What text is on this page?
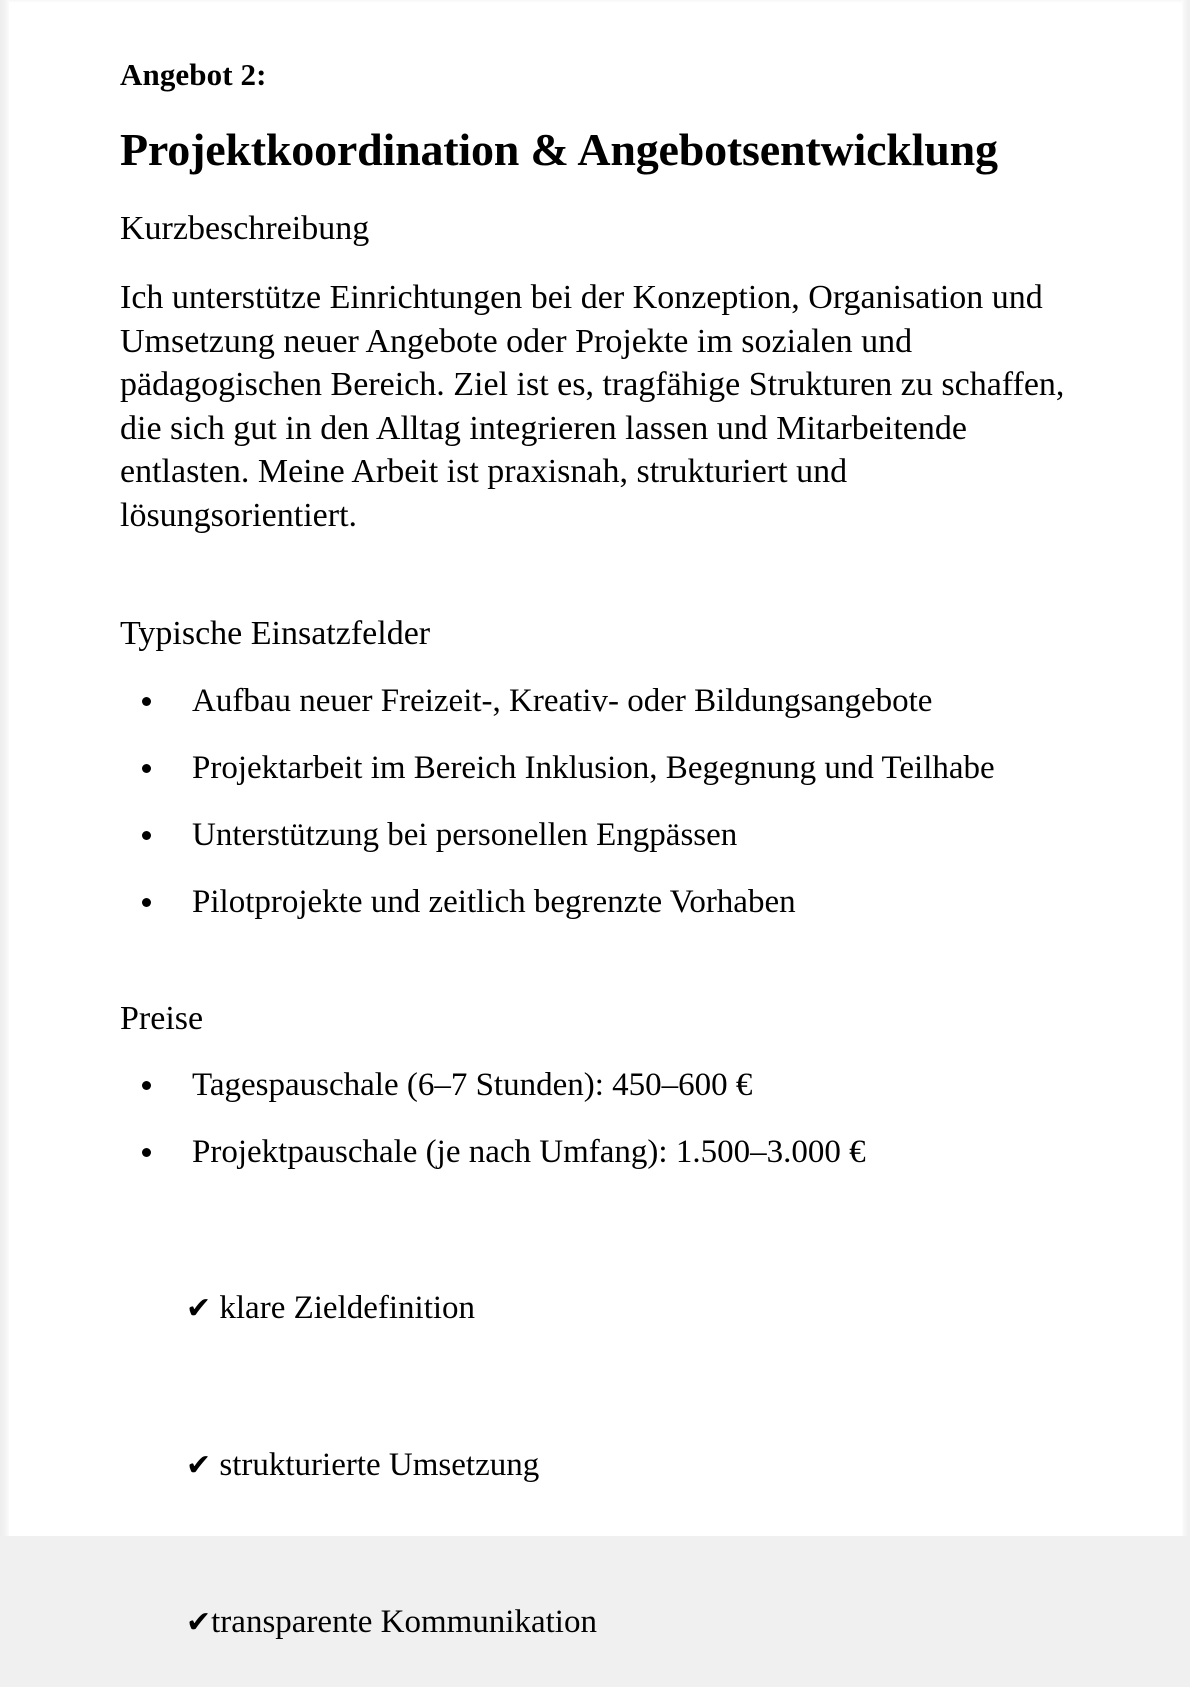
Angebot 2:
Projektkoordination & Angebotsentwicklung
Kurzbeschreibung

Ich unterstütze Einrichtungen bei der Konzeption, Organisation und Umsetzung neuer Angebote oder Projekte im sozialen und pädagogischen Bereich. Ziel ist es, tragfähige Strukturen zu schaffen, die sich gut in den Alltag integrieren lassen und Mitarbeitende entlasten. Meine Arbeit ist praxisnah, strukturiert und lösungsorientiert.

Typische Einsatzfelder
Aufbau neuer Freizeit-, Kreativ- oder Bildungsangebote
Projektarbeit im Bereich Inklusion, Begegnung und Teilhabe
Unterstützung bei personellen Engpässen
Pilotprojekte und zeitlich begrenzte Vorhaben
Preise
Tagespauschale (6–7 Stunden): 450–600 €
Projektpauschale (je nach Umfang): 1.500–3.000 €

✔ klare Zieldefinition

✔ strukturierte Umsetzung

✔transparente Kommunikation
